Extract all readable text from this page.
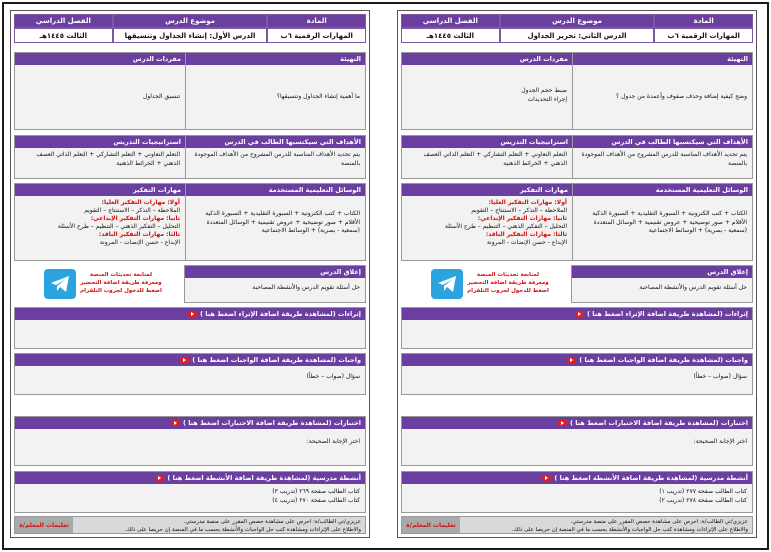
المادة
موضوع الدرس
الفصل الدراسي
المهارات الرقمية ٦ب
الدرس الثاني: تحرير الجداول
الثالث ١٤٤٥هـ
التهيئة
وضح كيفية إضافة وحذف صفوف وأعمدة من جدول ؟
مفردات الدرس
ضبط حجم الجدول
إجراء التحديدات
الأهداف التي سيكتسبها الطالب في الدرس
يتم تحديد الأهداف المناسبة للدرس المشروح من الأهداف الموجودة بالمنصة
استراتيجيات التدريس
التعلم التعاوني + التعلم التشاركي + التعلم الذاتي العصف الذهني + الخرائط الذهنية
الوسائل التعليمية المستخدمة
الكتاب + كتب الكترونية + السبورة التقليدية + السبورة الذكية الأقلام + صور توضيحية + عروض تقنيمية + الوسائل المتعددة (سمعية - بصرية) + الوسائط الاجتماعية
مهارات التفكير
أولا: مهارات التفكير العليا:
الملاحظة – التذكر – الاستنتاج – التقويم
ثانيا: مهارات التفكير الإبداعي:
التحليل – التفكير الذهني – التنظيم – طرح الأسئلة
ثالثا: مهارات التفكير الناقد:
الإبداع - حسن الإنصات - المرونة
إغلاق الدرس
حل أسئلة تقويم الدرس والأنشطة المصاحبة
لمتابعة تحديثات المنصة
ومعرفة طريقة اضافة التحضير
اضغط للدخول لجروب التلقرام
إثراءات (لمشاهدة طريقة اضافة الإثراء اضغط هنا )
واجبات (لمشاهدة طريقة اضافة الواجبات اضغط هنا )
سؤال (صواب – خطأ)
اختبارات (لمشاهدة طريقة اضافة الاختبارات اضغط هنا )
اختر الإجابة الصحيحة:
أنشطة مدرسية (لمشاهدة طريقة اضافة الأنشطة اضغط هنا )
كتاب الطالب صفحة ٢٧٧ (تدريب ١)
كتاب الطالب صفحة ٢٧٨ (تدريب ٢)
عزيزي/تي الطالب/ة: احرص على مشاهدة حصص المقرر على منصة مدرستي.
والاطلاع على الإثراءات ومشاهدة كتب حل الواجبات والأنشطة بحسب ما في المنصة إن حريصا على ذلك.
تعليمات المعلم/ة
المادة
موضوع الدرس
الفصل الدراسي
المهارات الرقمية ٦ب
الدرس الأول: إنشاء الجداول وتنسيقها
الثالث ١٤٤٥هـ
التهيئة
ما أهمية إنشاء الجداول وتنسيقها؟
مفردات الدرس
تنسيق الجداول
الأهداف التي سيكتسبها الطالب في الدرس
يتم تحديد الأهداف المناسبة للدرس المشروح من الأهداف الموجودة بالمنصة
استراتيجيات التدريس
التعلم التعاوني + التعلم التشاركي + التعلم الذاتي العصف الذهني + الخرائط الذهنية
الوسائل التعليمية المستخدمة
الكتاب + كتب الكترونية + السبورة التقليدية + السبورة الذكية الأقلام + صور توضيحية + عروض تقنيمية + الوسائل المتعددة (سمعية - بصرية) + الوسائط الاجتماعية
مهارات التفكير
أولا: مهارات التفكير العليا:
الملاحظة – التذكر – الاستنتاج – التقويم
ثانيا: مهارات التفكير الإبداعي:
التحليل – التفكير الذهني – التنظيم – طرح الأسئلة
ثالثا: مهارات التفكير الناقد:
الإبداع - حسن الإنصات - المرونة
إغلاق الدرس
حل أسئلة تقويم الدرس والأنشطة المصاحبة
لمتابعة تحديثات المنصة
ومعرفة طريقة اضافة التحضير
اضغط للدخول لجروب التلقرام
إثراءات (لمشاهدة طريقة اضافة الإثراء اضغط هنا )
واجبات (لمشاهدة طريقة اضافة الواجبات اضغط هنا )
سؤال (صواب – خطأ)
اختبارات (لمشاهدة طريقة اضافة الاختبارات اضغط هنا )
اختر الإجابة الصحيحة:
أنشطة مدرسية (لمشاهدة طريقة اضافة الأنشطة اضغط هنا )
كتاب الطالب صفحة ٢٦٩ (تدريب ٣)
كتاب الطالب صفحة ٢٧٠ (تدريب ٤)
عزيزي/تي الطالب/ة: احرص على مشاهدة حصص المقرر على منصة مدرستي.
والاطلاع على الإثراءات ومشاهدة كتب حل الواجبات والأنشطة بحسب ما في المنصة إن حريصا على ذلك.
تعليمات المعلم/ة
